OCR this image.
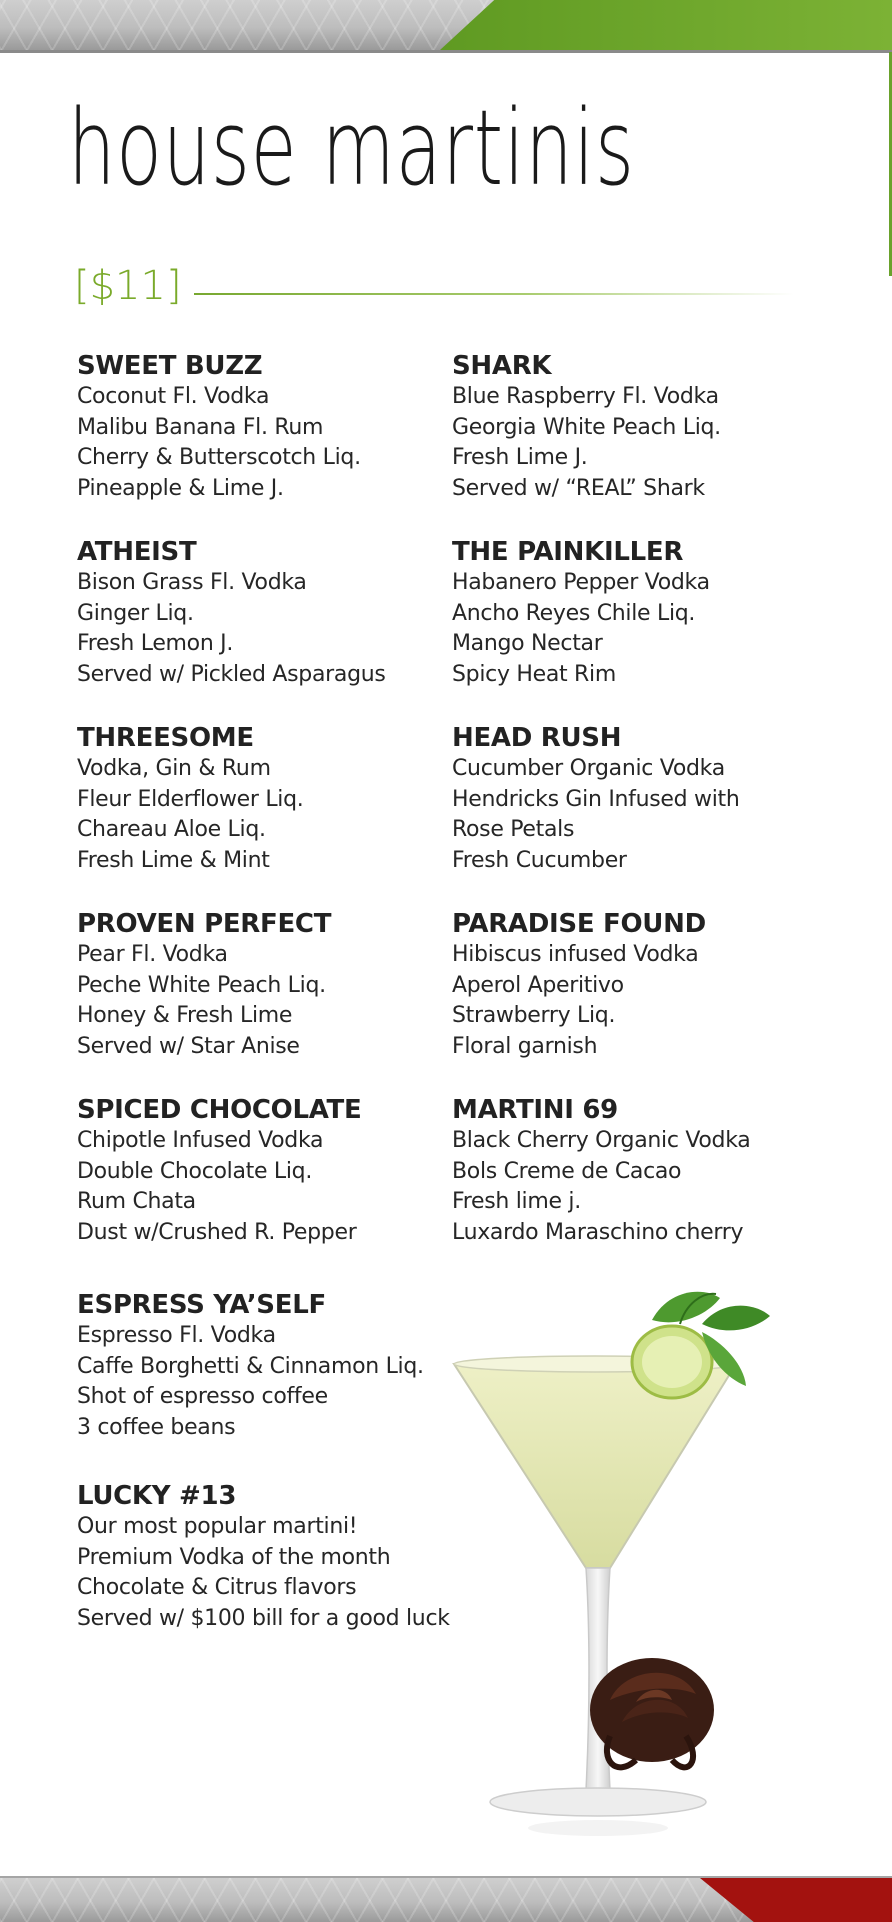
house martinis
[$11]
SWEET BUZZ
Coconut Fl. Vodka
Malibu Banana Fl. Rum
Cherry & Butterscotch Liq.
Pineapple & Lime J.
SHARK
Blue Raspberry Fl. Vodka
Georgia White Peach Liq.
Fresh Lime J.
Served w/ “REAL” Shark
ATHEIST
Bison Grass Fl. Vodka
Ginger Liq.
Fresh Lemon J.
Served w/ Pickled Asparagus
THE PAINKILLER
Habanero Pepper Vodka
Ancho Reyes Chile Liq.
Mango Nectar
Spicy Heat Rim
THREESOME
Vodka, Gin & Rum
Fleur Elderflower Liq.
Chareau Aloe Liq.
Fresh Lime & Mint
HEAD RUSH
Cucumber Organic Vodka
Hendricks Gin Infused with
Rose Petals
Fresh Cucumber
PROVEN PERFECT
Pear Fl. Vodka
Peche White Peach Liq.
Honey & Fresh Lime
Served w/ Star Anise
PARADISE FOUND
Hibiscus infused Vodka
Aperol Aperitivo
Strawberry Liq.
Floral garnish
SPICED CHOCOLATE
Chipotle Infused Vodka
Double Chocolate Liq.
Rum Chata
Dust w/Crushed R. Pepper
MARTINI 69
Black Cherry Organic Vodka
Bols Creme de Cacao
Fresh lime j.
Luxardo Maraschino cherry
ESPRESS YA’SELF
Espresso Fl. Vodka
Caffe Borghetti & Cinnamon Liq.
Shot of espresso coffee
3 coffee beans
LUCKY #13
Our most popular martini!
Premium Vodka of the month
Chocolate & Citrus flavors
Served w/ $100 bill for a good luck
